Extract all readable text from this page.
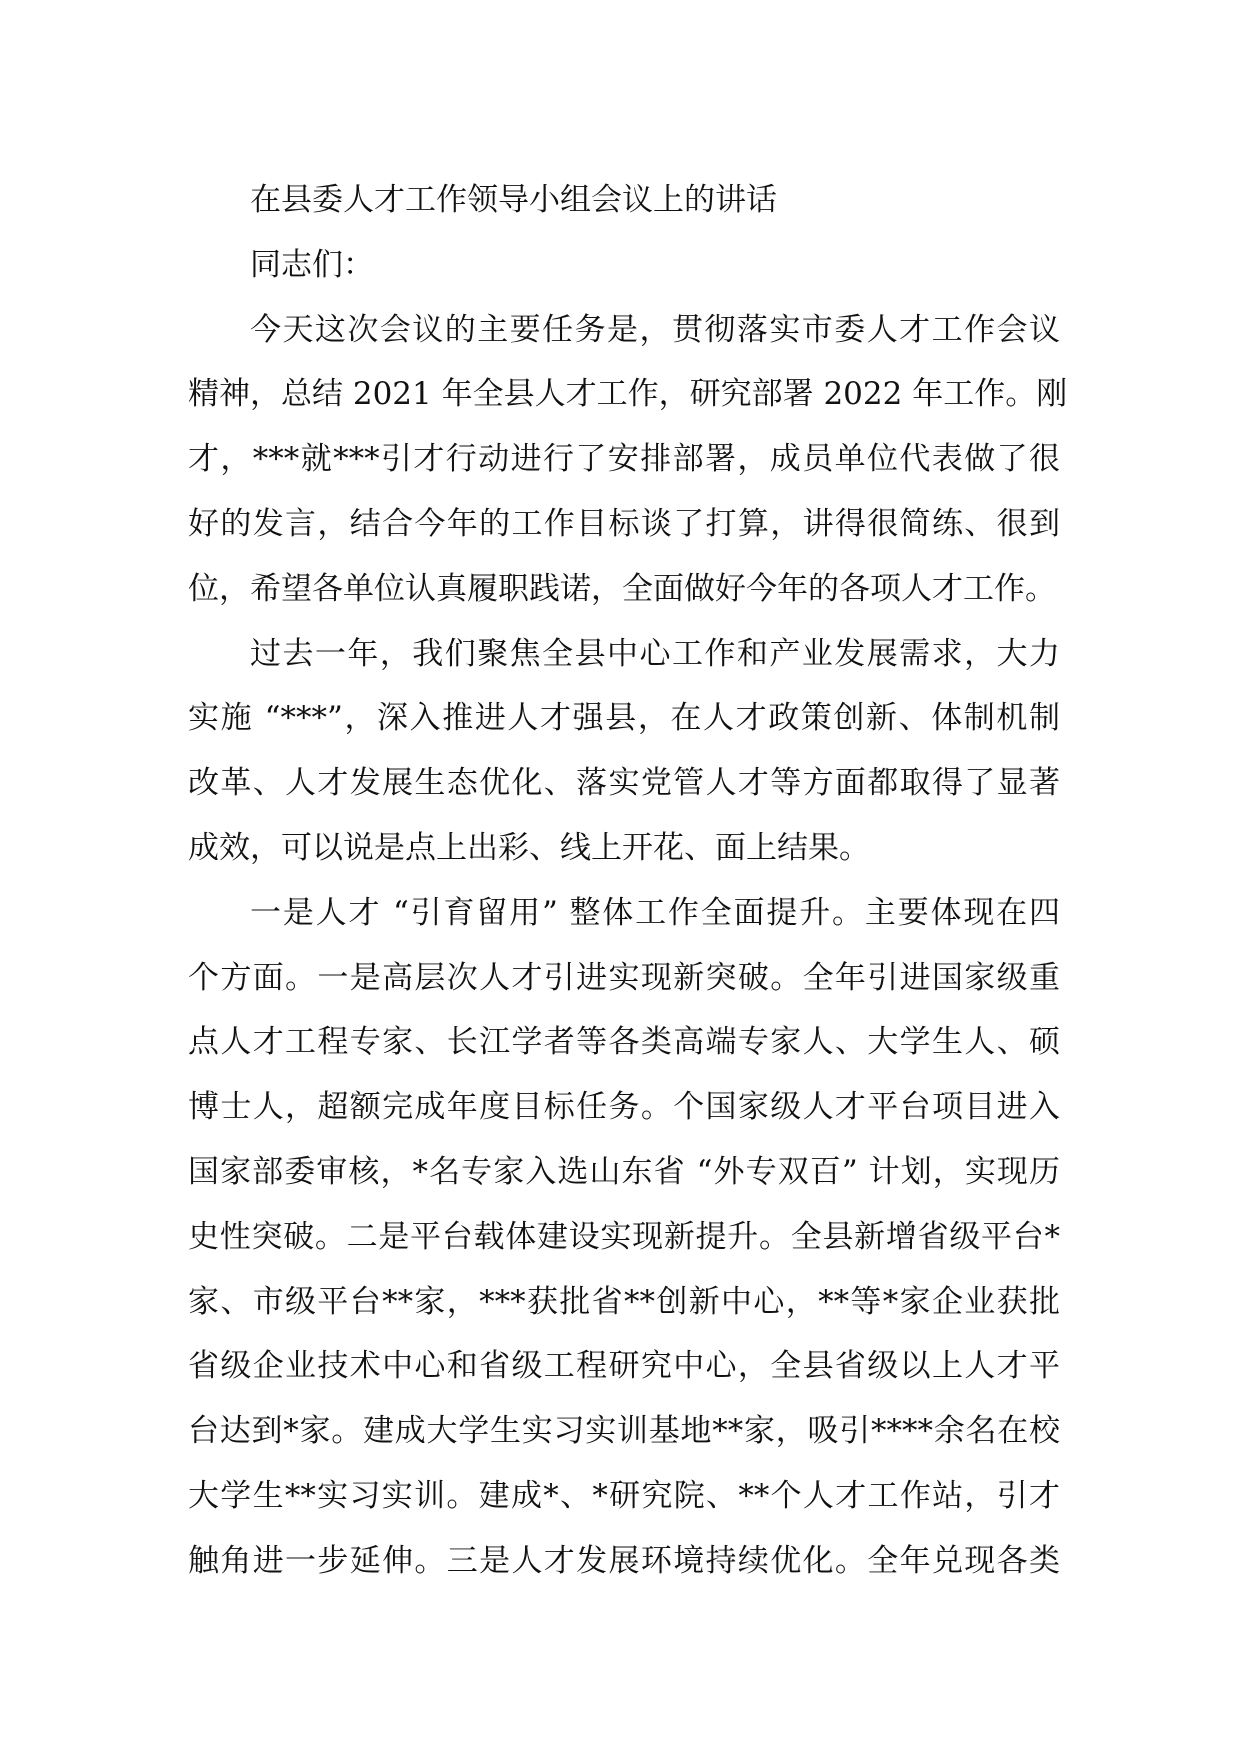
在县委人才工作领导小组会议上的讲话
同志们：
今天这次会议的主要任务是，贯彻落实市委人才工作会议
精神，总结 2021 年全县人才工作，研究部署 2022 年工作。刚
才，***就***引才行动进行了安排部署，成员单位代表做了很
好的发言，结合今年的工作目标谈了打算，讲得很简练、很到
位，希望各单位认真履职践诺，全面做好今年的各项人才工作。
过去一年，我们聚焦全县中心工作和产业发展需求，大力
实施 “***”，深入推进人才强县，在人才政策创新、体制机制
改革、人才发展生态优化、落实党管人才等方面都取得了显著
成效，可以说是点上出彩、线上开花、面上结果。
一是人才 “引育留用” 整体工作全面提升。主要体现在四
个方面。一是高层次人才引进实现新突破。全年引进国家级重
点人才工程专家、长江学者等各类高端专家人、大学生人、硕
博士人，超额完成年度目标任务。个国家级人才平台项目进入
国家部委审核，*名专家入选山东省 “外专双百” 计划，实现历
史性突破。二是平台载体建设实现新提升。全县新增省级平台*
家、市级平台**家，***获批省**创新中心，**等*家企业获批
省级企业技术中心和省级工程研究中心，全县省级以上人才平
台达到*家。建成大学生实习实训基地**家，吸引****余名在校
大学生**实习实训。建成*、*研究院、**个人才工作站，引才
触角进一步延伸。三是人才发展环境持续优化。全年兑现各类
